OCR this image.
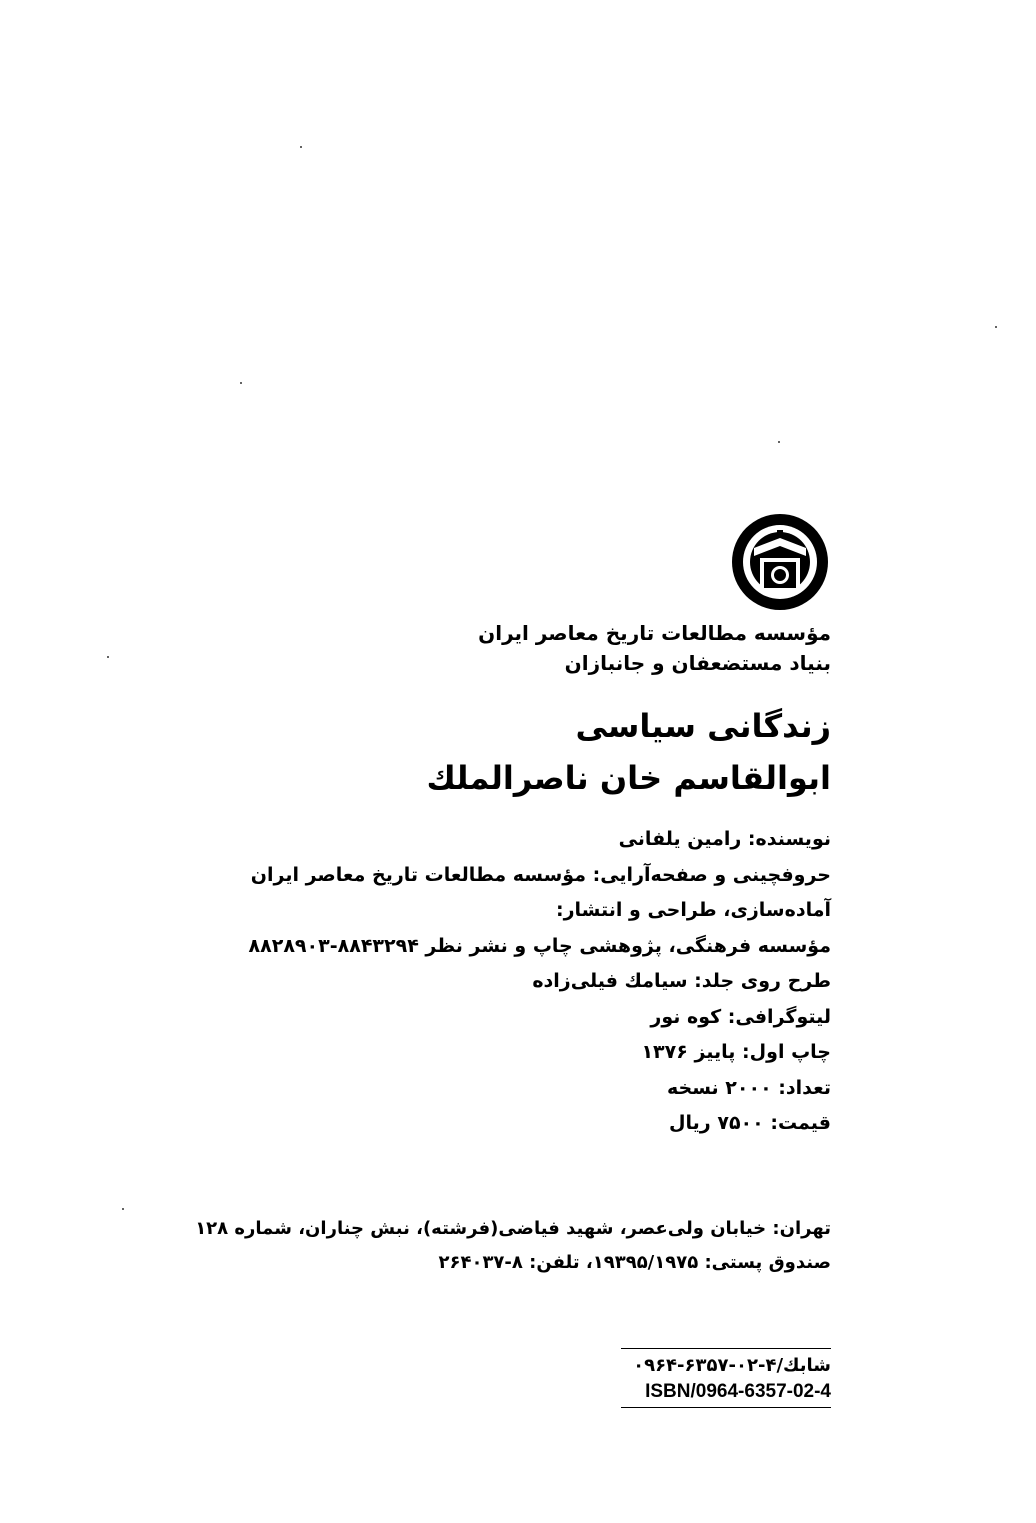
مؤسسه مطالعات تاریخ معاصر ایران
بنیاد مستضعفان و جانبازان
زندگانی سیاسی
ابوالقاسم خان ناصرالملك
نویسنده: رامین یلفانی
حروفچینی و صفحه‌آرایی: مؤسسه مطالعات تاریخ معاصر ایران
آماده‌سازی، طراحی و انتشار:
مؤسسه فرهنگی، پژوهشی چاپ و نشر نظر ۸۸۴۳۲۹۴-۸۸۲۸۹۰۳
طرح روی جلد: سیامك فیلی‌زاده
لیتوگرافی: کوه نور
چاپ اول: پاییز ۱۳۷۶
تعداد: ۲۰۰۰ نسخه
قیمت: ۷۵۰۰ ریال
تهران: خیابان ولی‌عصر، شهید فیاضی(فرشته)، نبش چناران، شماره ۱۲۸
صندوق پستی: ۱۹۳۹۵/۱۹۷۵، تلفن: ۸-۲۶۴۰۳۷
شابك/۴-۰۲-۶۳۵۷-۰۹۶۴
ISBN/0964-6357-02-4
